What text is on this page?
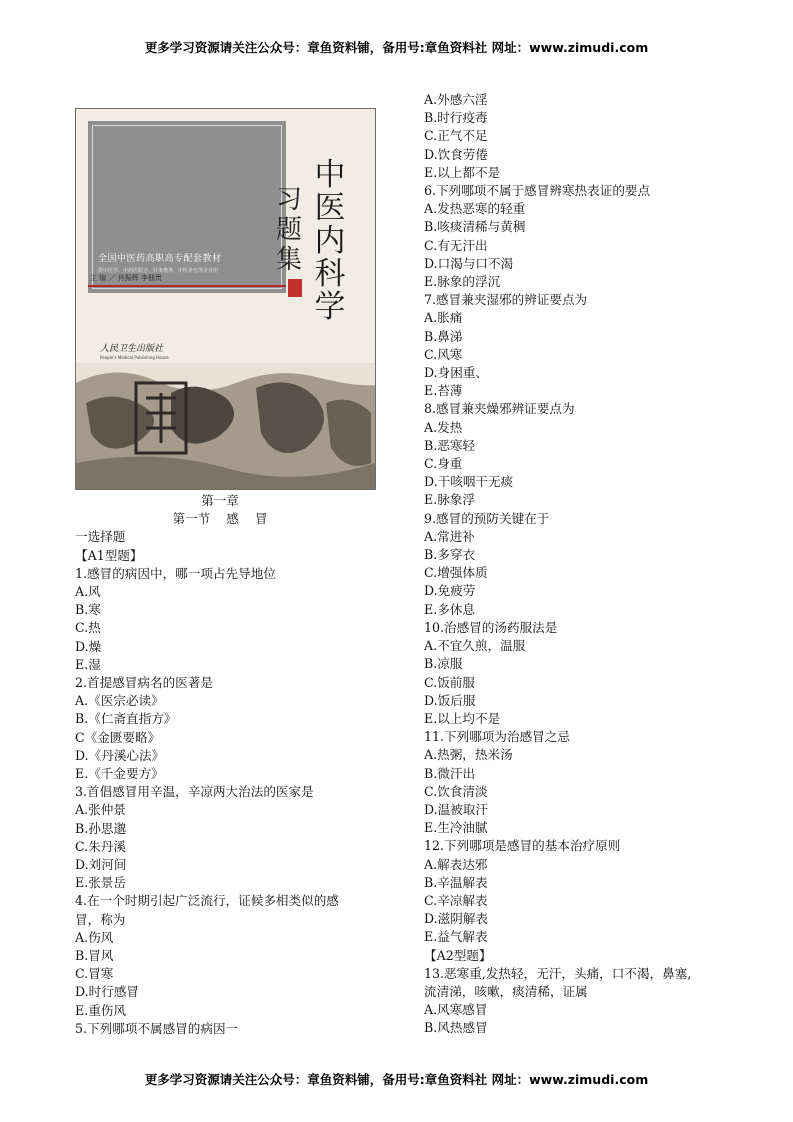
更多学习资源请关注公众号：章鱼资料铺，备用号:章鱼资料社 网址：www.zimudi.com
全国中医药高职高专配套教材
供中医学、中药医院合、针灸推拿、中医骨伤等专业用
主 编 ／ 肖振辉 李佃贵
中医内科学
习题集
人民卫生出版社
People's Medical Publishing House
第一章
第一节    感    冒
一选择题
【A1型题】
1.感冒的病因中，哪一项占先导地位
A.风
B.寒
C.热
D.燥
E.湿
2.首提感冒病名的医著是
A.《医宗必读》
B.《仁斋直指方》
C《金匮要略》
D.《丹溪心法》
E.《千金要方》
3.首倡感冒用辛温，辛凉两大治法的医家是
A.张仲景
B.孙思邈
C.朱丹溪
D.刘河间
E.张景岳
4.在一个时期引起广泛流行，证候多相类似的感
冒，称为
A.伤风
B.冒风
C.冒寒
D.时行感冒
E.重伤风
5.下列哪项不属感冒的病因一
A.外感六淫
B.时行疫毒
C.正气不足
D.饮食劳倦
E.以上都不是
6.下列哪项不属于感冒辨寒热表证的要点
A.发热恶寒的轻重
B.咳痰清稀与黄稠
C.有无汗出
D.口渴与口不渴
E.脉象的浮沉
7.感冒兼夹湿邪的辨证要点为
A.胀痛
B.鼻涕
C.风寒
D.身困重、
E.苔薄
8.感冒兼夹燥邪辨证要点为
A.发热
B.恶寒轻
C.身重
D.干咳咽干无痰
E.脉象浮
9.感冒的预防关键在于
A.常进补
B.多穿衣
C.增强体质
D.免疲劳
E.多休息
10.治感冒的汤药服法是
A.不宜久煎，温服
B.凉服
C.饭前服
D.饭后服
E.以上均不是
11.下列哪项为治感冒之忌
A.热粥，热米汤
B.微汗出
C.饮食清淡
D.温被取汗
E.生冷油腻
12.下列哪项是感冒的基本治疗原则
A.解表达邪
B.辛温解表
C.辛凉解表
D.滋阴解表
E.益气解表
【A2型题】
13.恶寒重,发热轻，无汗，头痛，口不渴，鼻塞,
流清涕，咳嗽，痰清稀，证属
A.风寒感冒
B.风热感冒
更多学习资源请关注公众号：章鱼资料铺，备用号:章鱼资料社 网址：www.zimudi.com
